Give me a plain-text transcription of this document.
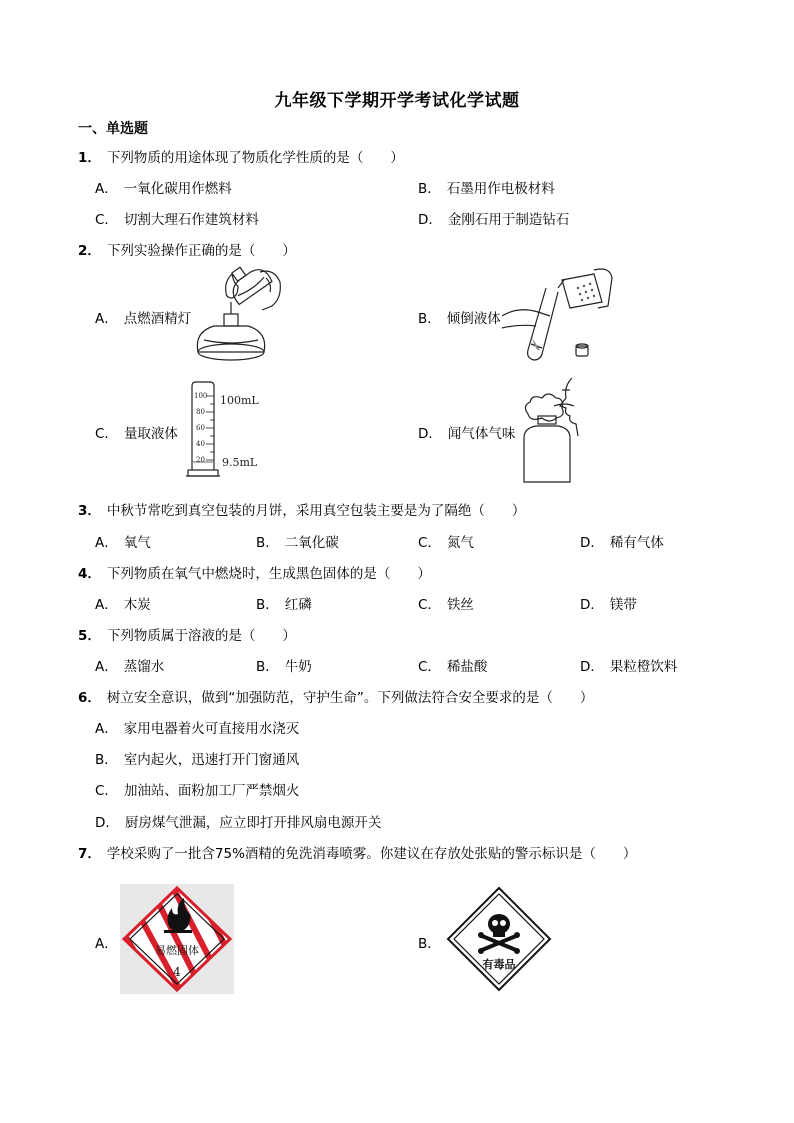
九年级下学期开学考试化学试题
一、单选题
1． 下列物质的用途体现了物质化学性质的是（　　）
A． 一氧化碳用作燃料	B． 石墨用作电极材料
C． 切割大理石作建筑材料	D． 金刚石用于制造钻石
2． 下列实验操作正确的是（　　）
A． 点燃酒精灯	B． 倾倒液体
C． 量取液体	D． 闻气体气味
100
80
60
40
20
100mL
9.5mL
3． 中秋节常吃到真空包装的月饼，采用真空包装主要是为了隔绝（　　）
A． 氧气	B． 二氧化碳	C． 氮气	D． 稀有气体
4． 下列物质在氧气中燃烧时，生成黑色固体的是（　　）
A． 木炭	B． 红磷	C． 铁丝	D． 镁带
5． 下列物质属于溶液的是（　　）
A． 蒸馏水	B． 牛奶	C． 稀盐酸	D． 果粒橙饮料
6． 树立安全意识，做到“加强防范，守护生命”。下列做法符合安全要求的是（　　）
A． 家用电器着火可直接用水浇灭
B． 室内起火，迅速打开门窗通风
C． 加油站、面粉加工厂严禁烟火
D． 厨房煤气泄漏，应立即打开排风扇电源开关
7． 学校采购了一批含75%酒精的免洗消毒喷雾。你建议在存放处张贴的警示标识是（　　）
A．	B．
易燃固体
4
有毒品
